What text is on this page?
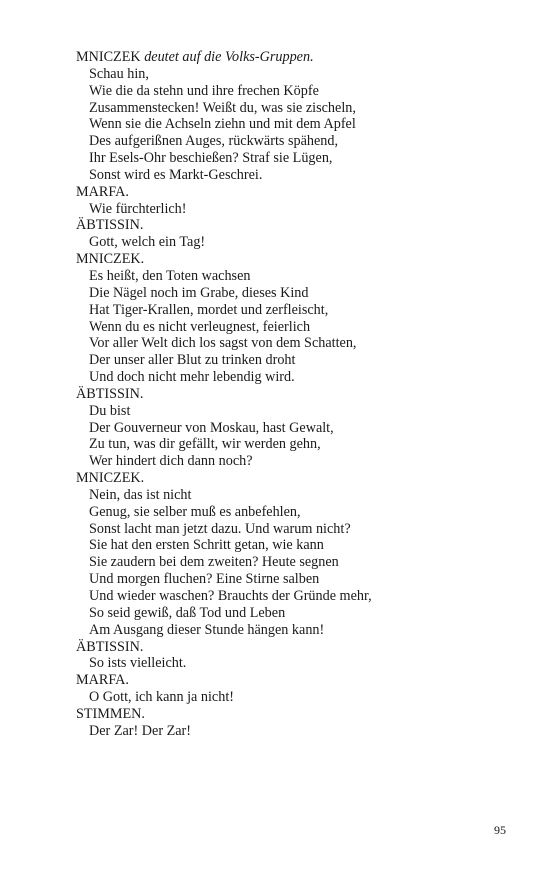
MNICZEK deutet auf die Volks-Gruppen.
Schau hin,
Wie die da stehn und ihre frechen Köpfe
Zusammenstecken! Weißt du, was sie zischeln,
Wenn sie die Achseln ziehn und mit dem Apfel
Des aufgerißnen Auges, rückwärts spähend,
Ihr Esels-Ohr beschießen? Straf sie Lügen,
Sonst wird es Markt-Geschrei.
MARFA.
Wie fürchterlich!
ÄBTISSIN.
Gott, welch ein Tag!
MNICZEK.
Es heißt, den Toten wachsen
Die Nägel noch im Grabe, dieses Kind
Hat Tiger-Krallen, mordet und zerfleischt,
Wenn du es nicht verleugnest, feierlich
Vor aller Welt dich los sagst von dem Schatten,
Der unser aller Blut zu trinken droht
Und doch nicht mehr lebendig wird.
ÄBTISSIN.
Du bist
Der Gouverneur von Moskau, hast Gewalt,
Zu tun, was dir gefällt, wir werden gehn,
Wer hindert dich dann noch?
MNICZEK.
Nein, das ist nicht
Genug, sie selber muß es anbefehlen,
Sonst lacht man jetzt dazu. Und warum nicht?
Sie hat den ersten Schritt getan, wie kann
Sie zaudern bei dem zweiten? Heute segnen
Und morgen fluchen? Eine Stirne salben
Und wieder waschen? Brauchts der Gründe mehr,
So seid gewiß, daß Tod und Leben
Am Ausgang dieser Stunde hängen kann!
ÄBTISSIN.
So ists vielleicht.
MARFA.
O Gott, ich kann ja nicht!
STIMMEN.
Der Zar! Der Zar!
95
